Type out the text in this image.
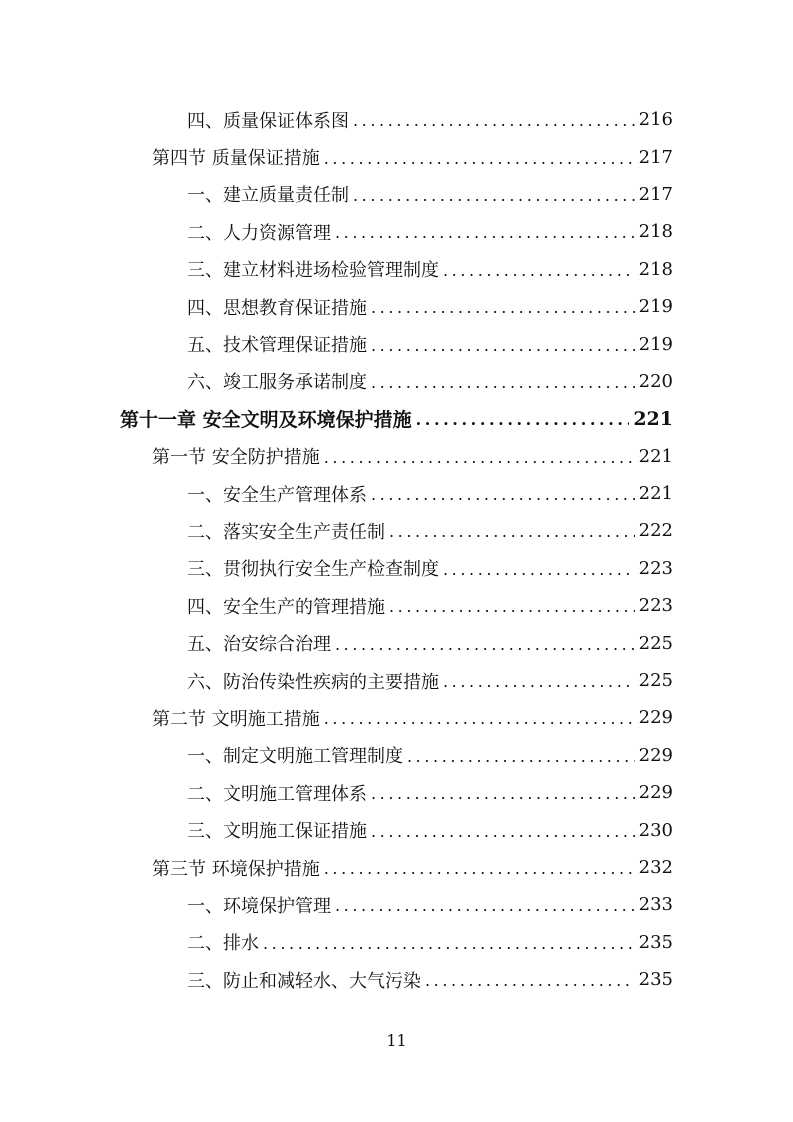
四、质量保证体系图 .....	216
第四节 质量保证措施 .....	217
一、建立质量责任制 .....	217
二、人力资源管理 .....	218
三、建立材料进场检验管理制度 .....	218
四、思想教育保证措施 .....	219
五、技术管理保证措施 .....	219
六、竣工服务承诺制度 .....	220
第十一章 安全文明及环境保护措施 .....	221
第一节 安全防护措施 .....	221
一、安全生产管理体系 .....	221
二、落实安全生产责任制 .....	222
三、贯彻执行安全生产检查制度 .....	223
四、安全生产的管理措施 .....	223
五、治安综合治理 .....	225
六、防治传染性疾病的主要措施 .....	225
第二节 文明施工措施 .....	229
一、制定文明施工管理制度 .....	229
二、文明施工管理体系 .....	229
三、文明施工保证措施 .....	230
第三节 环境保护措施 .....	232
一、环境保护管理 .....	233
二、排水 .....	235
三、防止和减轻水、大气污染 .....	235
11
